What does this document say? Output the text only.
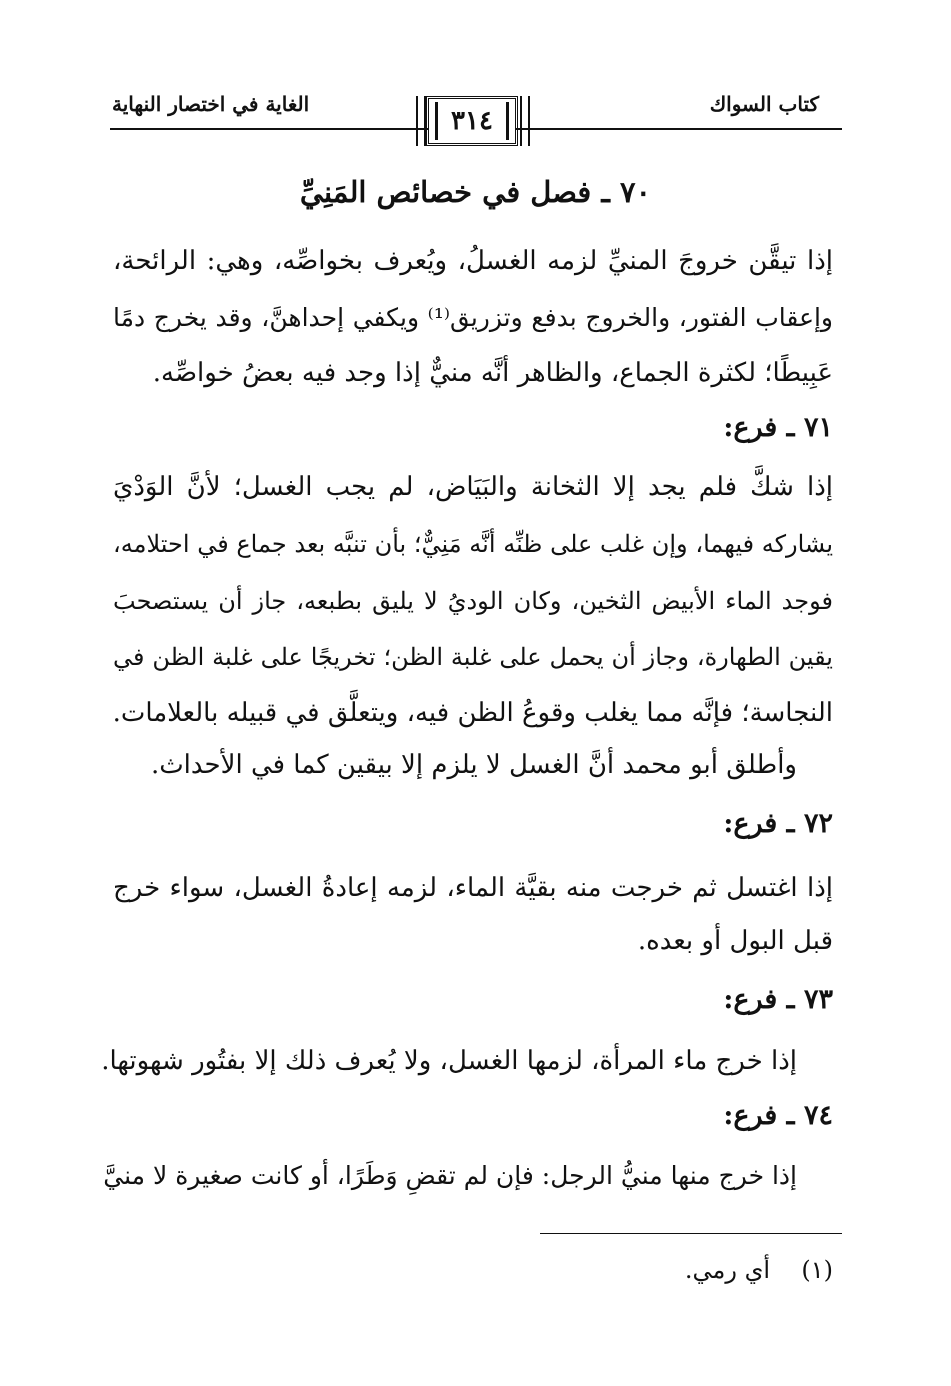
كتاب السواك
الغاية في اختصار النهاية
٣١٤
٧٠ ـ فصل في خصائص المَنِيِّ
إذا تيقَّن خروجَ المنيِّ لزمه الغسلُ، ويُعرف بخواصِّه، وهي: الرائحة،
وإعقاب الفتور، والخروج بدفع وتزريق⁽¹⁾ ويكفي إحداهنَّ، وقد يخرج دمًا
عَبِيطًا؛ لكثرة الجماع، والظاهر أنَّه منيٌّ إذا وجد فيه بعضُ خواصِّه.
٧١ ـ فرع:
إذا شكَّ فلم يجد إلا الثخانة والبَيَاض، لم يجب الغسل؛ لأنَّ الوَدْيَ
يشاركه فيهما، وإن غلب على ظنِّه أنَّه مَنِيٌّ؛ بأن تنبَّه بعد جماع في احتلامه،
فوجد الماء الأبيض الثخين، وكان الوديُ لا يليق بطبعه، جاز أن يستصحبَ
يقين الطهارة، وجاز أن يحمل على غلبة الظن؛ تخريجًا على غلبة الظن في
النجاسة؛ فإنَّه مما يغلب وقوعُ الظن فيه، ويتعلَّق في قبيله بالعلامات.
وأطلق أبو محمد أنَّ الغسل لا يلزم إلا بيقين كما في الأحداث.
٧٢ ـ فرع:
إذا اغتسل ثم خرجت منه بقيَّة الماء، لزمه إعادةُ الغسل، سواء خرج
قبل البول أو بعده.
٧٣ ـ فرع:
إذا خرج ماء المرأة، لزمها الغسل، ولا يُعرف ذلك إلا بفتُور شهوتها.
٧٤ ـ فرع:
إذا خرج منها منيُّ الرجل: فإن لم تقضِ وَطَرًا، أو كانت صغيرة لا منيَّ
(١)  أي رمي.
